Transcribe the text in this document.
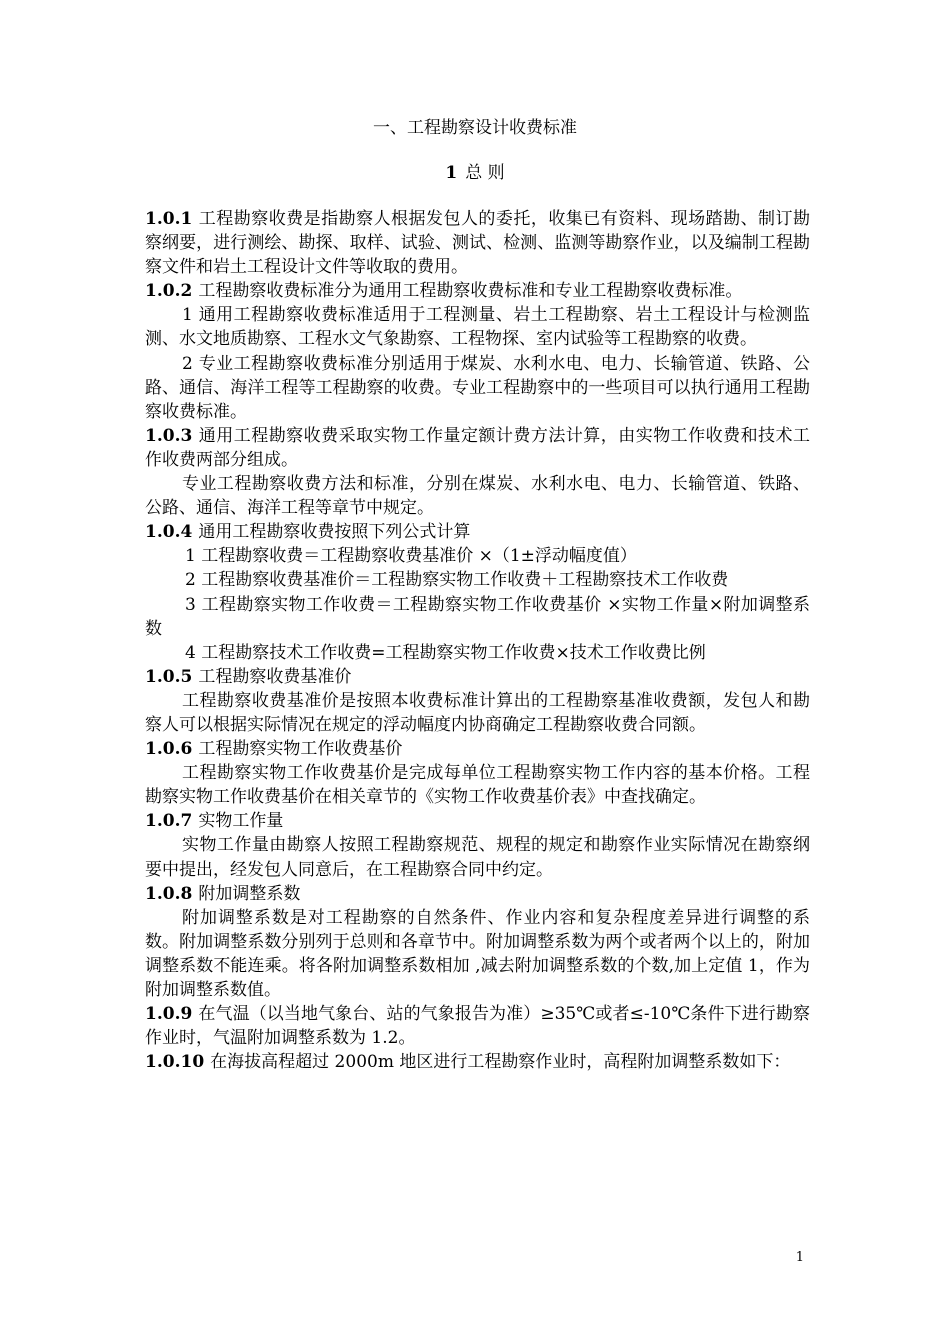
一、工程勘察设计收费标准
1 总 则

1.0.1 工程勘察收费是指勘察人根据发包人的委托，收集已有资料、现场踏勘、制订勘察纲要，进行测绘、勘探、取样、试验、测试、检测、监测等勘察作业，以及编制工程勘察文件和岩土工程设计文件等收取的费用。

1.0.2 工程勘察收费标准分为通用工程勘察收费标准和专业工程勘察收费标准。

1 通用工程勘察收费标准适用于工程测量、岩土工程勘察、岩土工程设计与检测监测、水文地质勘察、工程水文气象勘察、工程物探、室内试验等工程勘察的收费。

2 专业工程勘察收费标准分别适用于煤炭、水利水电、电力、长输管道、铁路、公路、通信、海洋工程等工程勘察的收费。专业工程勘察中的一些项目可以执行通用工程勘察收费标准。

1.0.3 通用工程勘察收费采取实物工作量定额计费方法计算，由实物工作收费和技术工作收费两部分组成。

专业工程勘察收费方法和标准，分别在煤炭、水利水电、电力、长输管道、铁路、公路、通信、海洋工程等章节中规定。

1.0.4 通用工程勘察收费按照下列公式计算

1 工程勘察收费＝工程勘察收费基准价 ×（1±浮动幅度值）

2 工程勘察收费基准价＝工程勘察实物工作收费＋工程勘察技术工作收费

3 工程勘察实物工作收费＝工程勘察实物工作收费基价 ×实物工作量×附加调整系数

4 工程勘察技术工作收费=工程勘察实物工作收费×技术工作收费比例

1.0.5 工程勘察收费基准价

工程勘察收费基准价是按照本收费标准计算出的工程勘察基准收费额，发包人和勘察人可以根据实际情况在规定的浮动幅度内协商确定工程勘察收费合同额。

1.0.6 工程勘察实物工作收费基价

工程勘察实物工作收费基价是完成每单位工程勘察实物工作内容的基本价格。工程勘察实物工作收费基价在相关章节的《实物工作收费基价表》中查找确定。

1.0.7 实物工作量

实物工作量由勘察人按照工程勘察规范、规程的规定和勘察作业实际情况在勘察纲要中提出，经发包人同意后，在工程勘察合同中约定。

1.0.8 附加调整系数

附加调整系数是对工程勘察的自然条件、作业内容和复杂程度差异进行调整的系数。附加调整系数分别列于总则和各章节中。附加调整系数为两个或者两个以上的，附加调整系数不能连乘。将各附加调整系数相加 ,减去附加调整系数的个数,加上定值 1，作为附加调整系数值。

1.0.9 在气温（以当地气象台、站的气象报告为准）≥35℃或者≤-10℃条件下进行勘察作业时，气温附加调整系数为 1.2。

1.0.10 在海拔高程超过 2000m 地区进行工程勘察作业时，高程附加调整系数如下：

1
